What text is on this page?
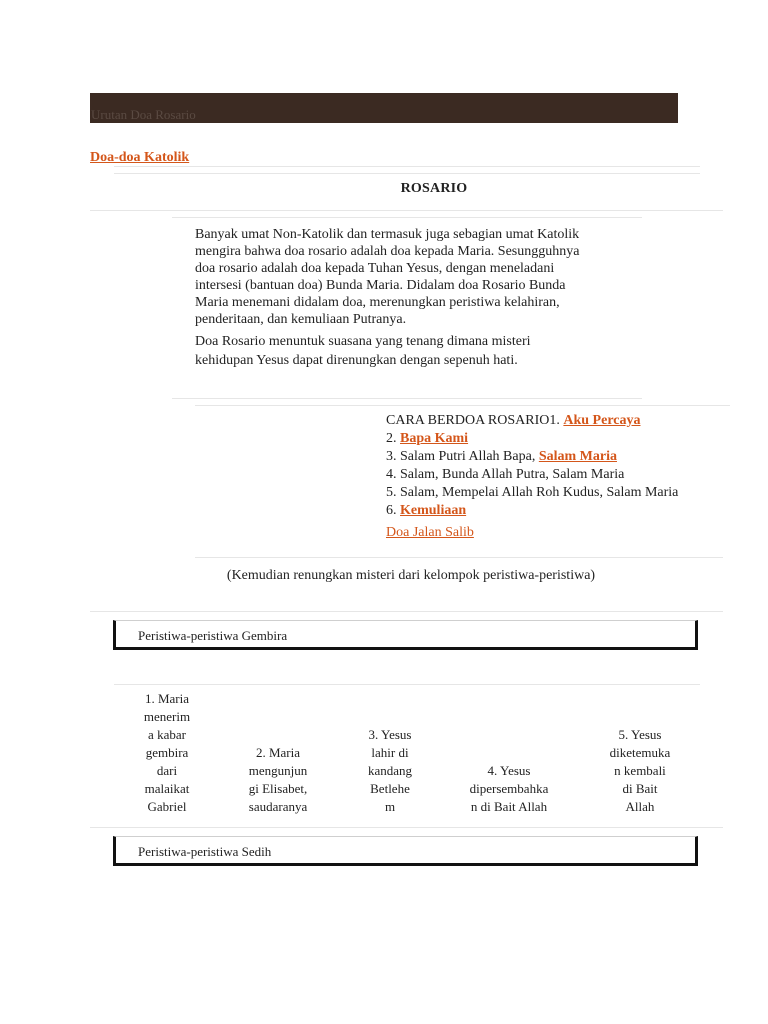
Urutan Doa Rosario
Doa-doa Katolik
ROSARIO

Banyak umat Non-Katolik dan termasuk juga sebagian umat Katolik
mengira bahwa doa rosario adalah doa kepada Maria. Sesungguhnya
doa rosario adalah doa kepada Tuhan Yesus, dengan meneladani
intersesi (bantuan doa) Bunda Maria. Didalam doa Rosario Bunda
Maria menemani didalam doa, merenungkan peristiwa kelahiran,
penderitaan, dan kemuliaan Putranya.

Doa Rosario menuntuk suasana yang tenang dimana misteri
kehidupan Yesus dapat direnungkan dengan sepenuh hati.

CARA BERDOA ROSARIO1. Aku Percaya
2. Bapa Kami
3. Salam Putri Allah Bapa, Salam Maria
4. Salam, Bunda Allah Putra, Salam Maria
5. Salam, Mempelai Allah Roh Kudus, Salam Maria
6. Kemuliaan
Doa Jalan Salib
(Kemudian renungkan misteri dari kelompok peristiwa-peristiwa)
Peristiwa-peristiwa Gembira
1. Maria
menerim
a kabar
gembira
dari
malaikat
Gabriel
2. Maria
mengunjun
gi Elisabet,
saudaranya
3. Yesus
lahir di
kandang
Betlehe
m
4. Yesus
dipersembahka
n di Bait Allah
5. Yesus
diketemuka
n kembali
di Bait
Allah
Peristiwa-peristiwa Sedih
